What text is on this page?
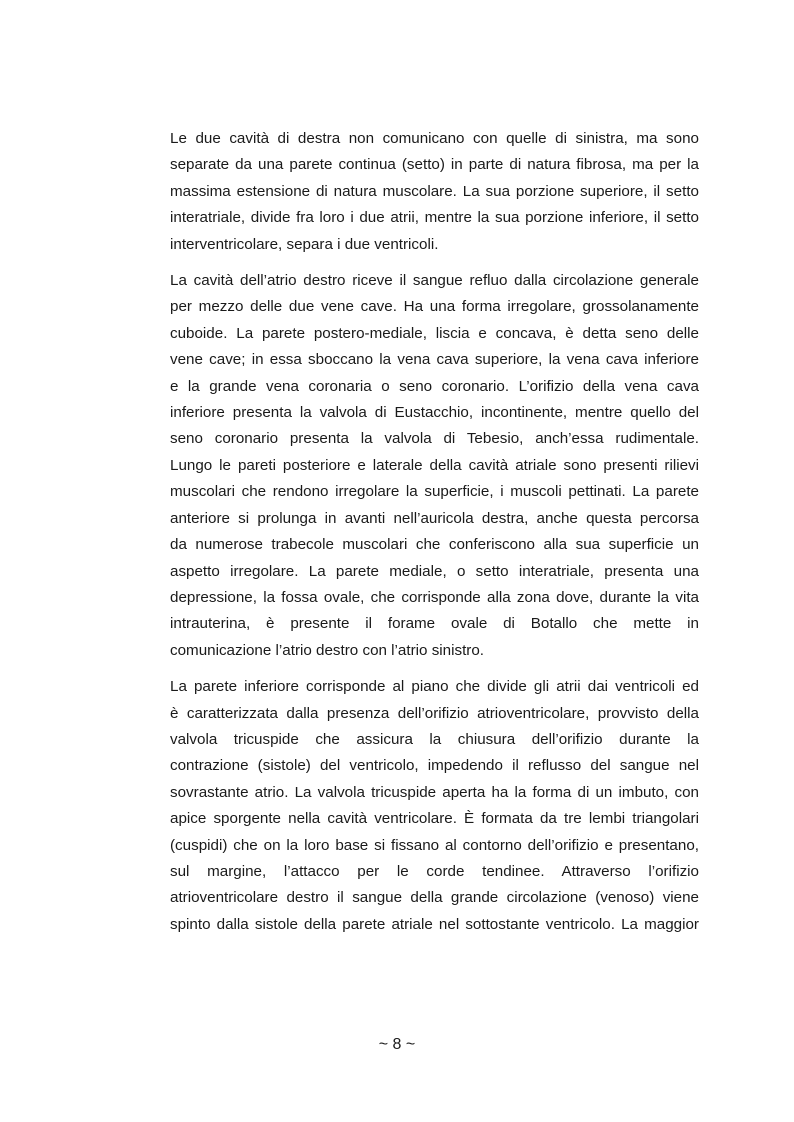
Le due cavità di destra non comunicano con quelle di sinistra, ma sono
separate da una parete continua (setto) in parte di natura fibrosa, ma per la
massima estensione di natura muscolare. La sua porzione superiore, il setto
interatriale, divide fra loro i due atrii, mentre la sua porzione inferiore, il setto
interventricolare, separa i due ventricoli.

La cavità dell’atrio destro riceve il sangue refluo dalla circolazione generale
per mezzo delle due vene cave. Ha una forma irregolare, grossolanamente
cuboide. La parete postero-mediale, liscia e concava, è detta seno delle
vene cave; in essa sboccano la vena cava superiore, la vena cava inferiore
e la grande vena coronaria o seno coronario. L’orifizio della vena cava
inferiore presenta la valvola di Eustacchio, incontinente, mentre quello del
seno coronario presenta la valvola di Tebesio, anch’essa rudimentale.
Lungo le pareti posteriore e laterale della cavità atriale sono presenti rilievi
muscolari che rendono irregolare la superficie, i muscoli pettinati. La parete
anteriore si prolunga in avanti nell’auricola destra, anche questa percorsa
da numerose trabecole muscolari che conferiscono alla sua superficie un
aspetto irregolare. La parete mediale, o setto interatriale, presenta una
depressione, la fossa ovale, che corrisponde alla zona dove, durante la vita
intrauterina, è presente il forame ovale di Botallo che mette in
comunicazione l’atrio destro con l’atrio sinistro.

La parete inferiore corrisponde al piano che divide gli atrii dai ventricoli ed
è caratterizzata dalla presenza dell’orifizio atrioventricolare, provvisto della
valvola tricuspide che assicura la chiusura dell’orifizio durante la
contrazione (sistole) del ventricolo, impedendo il reflusso del sangue nel
sovrastante atrio. La valvola tricuspide aperta ha la forma di un imbuto, con
apice sporgente nella cavità ventricolare. È formata da tre lembi triangolari
(cuspidi) che on la loro base si fissano al contorno dell’orifizio e presentano,
sul margine, l’attacco per le corde tendinee. Attraverso l’orifizio
atrioventricolare destro il sangue della grande circolazione (venoso) viene
spinto dalla sistole della parete atriale nel sottostante ventricolo. La maggior

~ 8 ~
